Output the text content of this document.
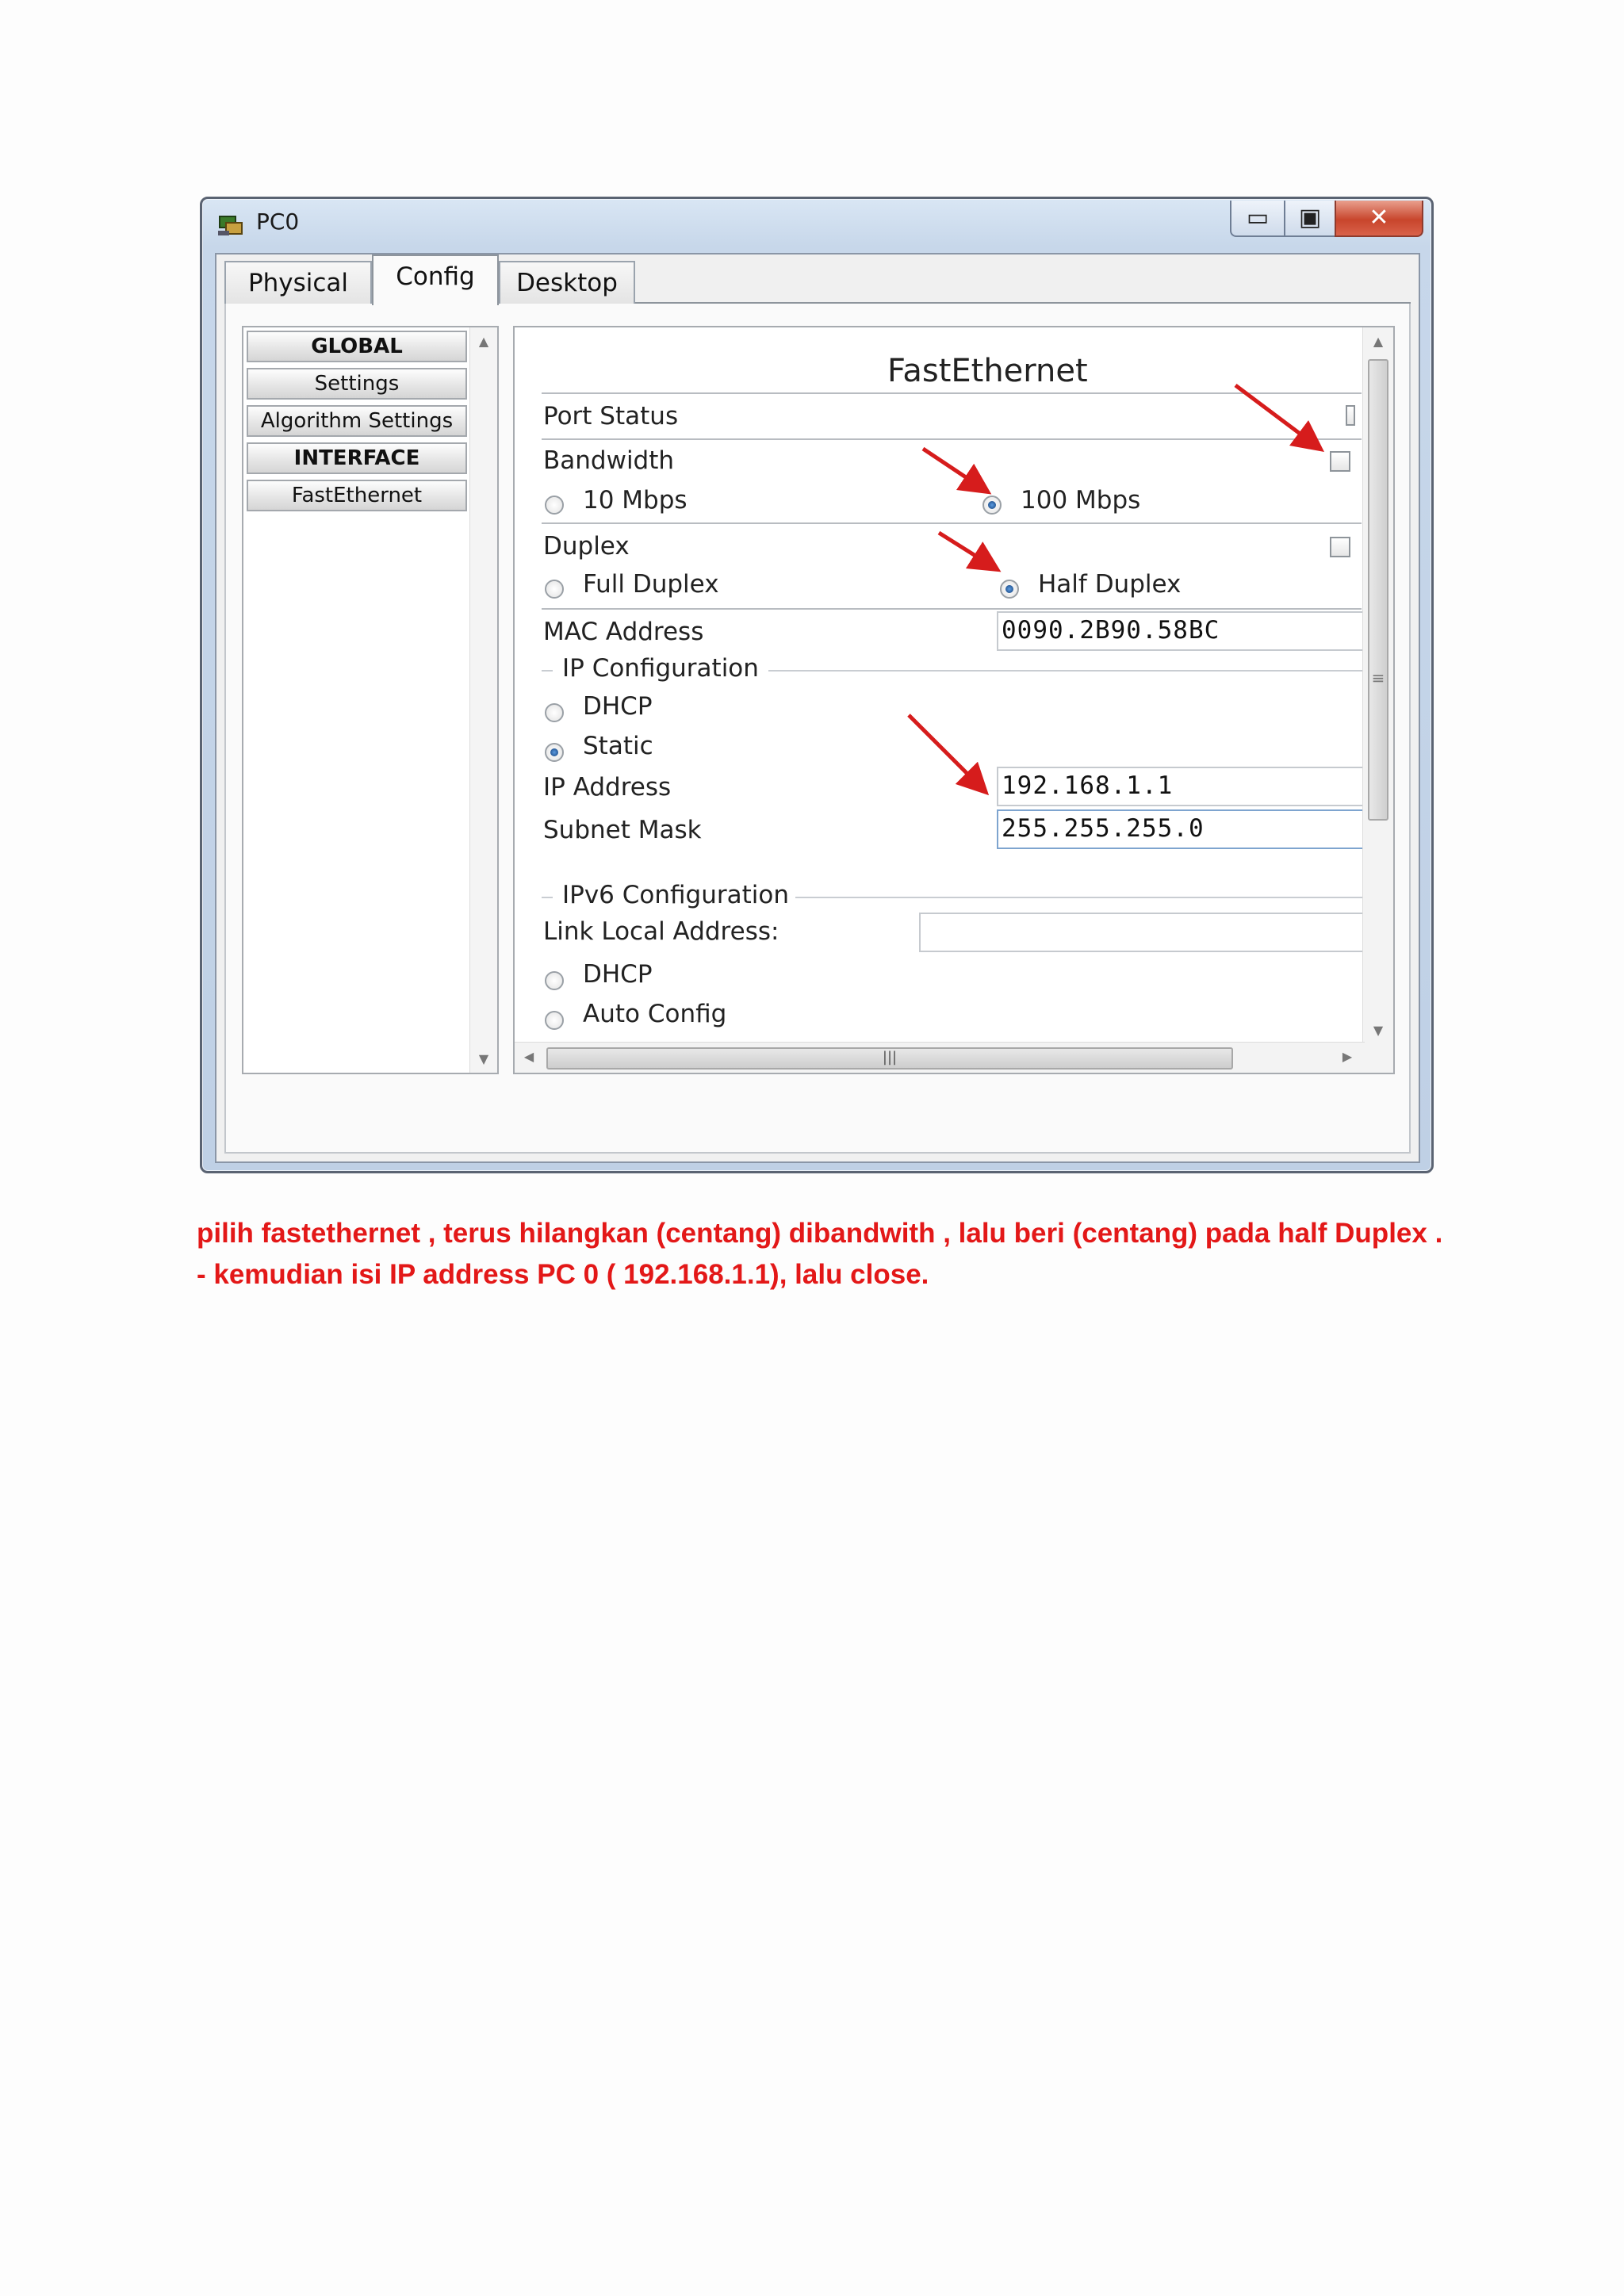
PC0	▭	▣	✕
Physical	Config	Desktop
GLOBAL
Settings
Algorithm Settings
INTERFACE
FastEthernet
▲
▼
FastEthernet
Port Status
Bandwidth
10 Mbps	100 Mbps
Duplex
Full Duplex	Half Duplex
MAC Address	0090.2B90.58BC
IP Configuration
DHCP
Static
IP Address	192.168.1.1
Subnet Mask	255.255.255.0
IPv6 Configuration
Link Local Address:
DHCP
Auto Config
▲
≡
▼
◀	|||	▶
pilih fastethernet , terus hilangkan (centang) dibandwith , lalu beri (centang) pada half Duplex .
- kemudian isi IP address PC 0 ( 192.168.1.1), lalu close.
